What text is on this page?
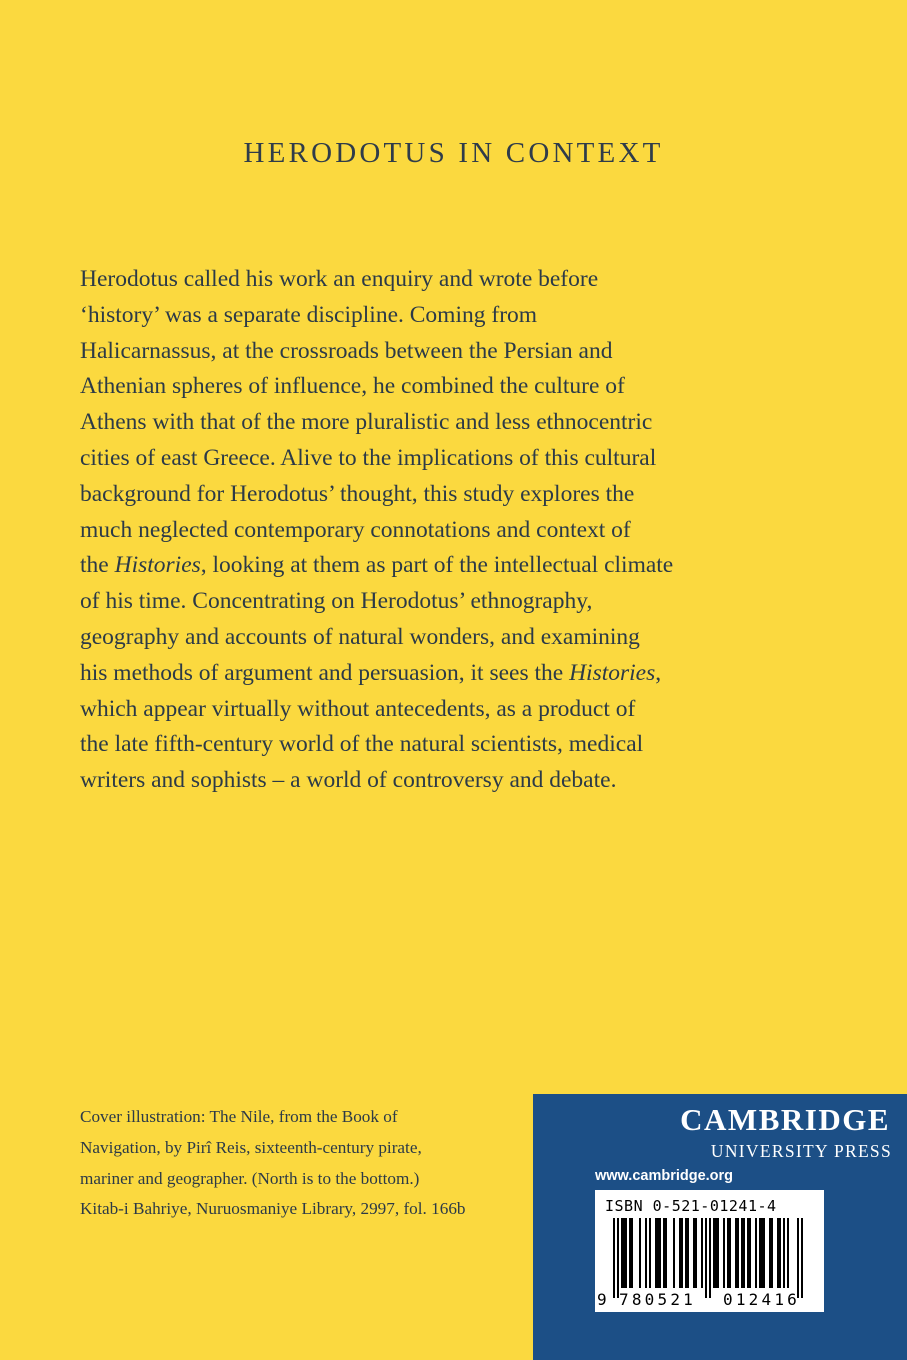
HERODOTUS IN CONTEXT
Herodotus called his work an enquiry and wrote before
‘history’ was a separate discipline. Coming from
Halicarnassus, at the crossroads between the Persian and
Athenian spheres of influence, he combined the culture of
Athens with that of the more pluralistic and less ethnocentric
cities of east Greece. Alive to the implications of this cultural
background for Herodotus’ thought, this study explores the
much neglected contemporary connotations and context of
the Histories, looking at them as part of the intellectual climate
of his time. Concentrating on Herodotus’ ethnography,
geography and accounts of natural wonders, and examining
his methods of argument and persuasion, it sees the Histories,
which appear virtually without antecedents, as a product of
the late fifth-century world of the natural scientists, medical
writers and sophists – a world of controversy and debate.
Cover illustration: The Nile, from the Book of
Navigation, by Pirî Reis, sixteenth-century pirate,
mariner and geographer. (North is to the bottom.)
Kitab-i Bahriye, Nuruosmaniye Library, 2997, fol. 166b
CAMBRIDGE
UNIVERSITY PRESS
www.cambridge.org
ISBN 0-521-01241-4
9 780521 012416
